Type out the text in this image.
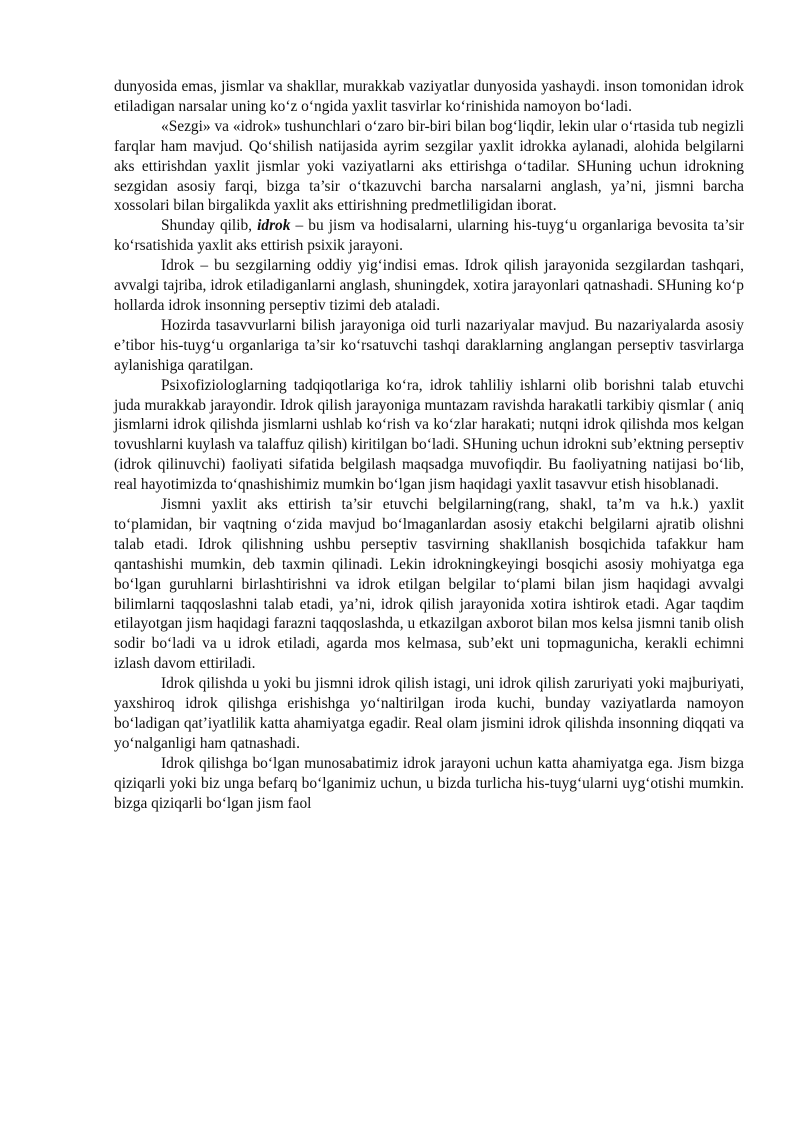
dunyosida emas, jismlar va shakllar, murakkab vaziyatlar dunyosida yashaydi. inson tomonidan idrok etiladigan narsalar uning ko‘z o‘ngida yaxlit tasvirlar ko‘rinishida namoyon bo‘ladi.

«Sezgi» va «idrok» tushunchlari o‘zaro bir-biri bilan bog‘liqdir, lekin ular o‘rtasida tub negizli farqlar ham mavjud. Qo‘shilish natijasida ayrim sezgilar yaxlit idrokka aylanadi, alohida belgilarni aks ettirishdan yaxlit jismlar yoki vaziyatlarni aks ettirishga o‘tadilar. SHuning uchun idrokning sezgidan asosiy farqi, bizga ta’sir o‘tkazuvchi barcha narsalarni anglash, ya’ni, jismni barcha xossolari bilan birgalikda yaxlit aks ettirishning predmetliligidan iborat.

Shunday qilib, idrok – bu jism va hodisalarni, ularning his-tuyg‘u organlariga bevosita ta’sir ko‘rsatishida yaxlit aks ettirish psixik jarayoni.

Idrok – bu sezgilarning oddiy yig‘indisi emas. Idrok qilish jarayonida sezgilardan tashqari, avvalgi tajriba, idrok etiladiganlarni anglash, shuningdek, xotira jarayonlari qatnashadi. SHuning ko‘p hollarda idrok insonning perseptiv tizimi deb ataladi.

Hozirda tasavvurlarni bilish jarayoniga oid turli nazariyalar mavjud. Bu nazariyalarda asosiy e’tibor his-tuyg‘u organlariga ta’sir ko‘rsatuvchi tashqi daraklarning anglangan perseptiv tasvirlarga aylanishiga qaratilgan.

Psixofiziologlarning tadqiqotlariga ko‘ra, idrok tahliliy ishlarni olib borishni talab etuvchi juda murakkab jarayondir. Idrok qilish jarayoniga muntazam ravishda harakatli tarkibiy qismlar ( aniq jismlarni idrok qilishda jismlarni ushlab ko‘rish va ko‘zlar harakati; nutqni idrok qilishda mos kelgan tovushlarni kuylash va talaffuz qilish) kiritilgan bo‘ladi. SHuning uchun idrokni sub’ektning perseptiv (idrok qilinuvchi) faoliyati sifatida belgilash maqsadga muvofiqdir. Bu faoliyatning natijasi bo‘lib, real hayotimizda to‘qnashishimiz mumkin bo‘lgan jism haqidagi yaxlit tasavvur etish hisoblanadi.

Jismni yaxlit aks ettirish ta’sir etuvchi belgilarning(rang, shakl, ta’m va h.k.) yaxlit to‘plamidan, bir vaqtning o‘zida mavjud bo‘lmaganlardan asosiy etakchi belgilarni ajratib olishni talab etadi. Idrok qilishning ushbu perseptiv tasvirning shakllanish bosqichida tafakkur ham qantashishi mumkin, deb taxmin qilinadi. Lekin idrokningkeyingi bosqichi asosiy mohiyatga ega bo‘lgan guruhlarni birlashtirishni va idrok etilgan belgilar to‘plami bilan jism haqidagi avvalgi bilimlarni taqqoslashni talab etadi, ya’ni, idrok qilish jarayonida xotira ishtirok etadi. Agar taqdim etilayotgan jism haqidagi farazni taqqoslashda, u etkazilgan axborot bilan mos kelsa jismni tanib olish sodir bo‘ladi va u idrok etiladi, agarda mos kelmasa, sub’ekt uni topmagunicha, kerakli echimni izlash davom ettiriladi.

Idrok qilishda u yoki bu jismni idrok qilish istagi, uni idrok qilish zaruriyati yoki majburiyati, yaxshiroq idrok qilishga erishishga yo‘naltirilgan iroda kuchi, bunday vaziyatlarda namoyon bo‘ladigan qat’iyatlilik katta ahamiyatga egadir. Real olam jismini idrok qilishda insonning diqqati va yo‘nalganligi ham qatnashadi.

Idrok qilishga bo‘lgan munosabatimiz idrok jarayoni uchun katta ahamiyatga ega. Jism bizga qiziqarli yoki biz unga befarq bo‘lganimiz uchun, u bizda turlicha his-tuyg‘ularni uyg‘otishi mumkin. bizga qiziqarli bo‘lgan jism faol
